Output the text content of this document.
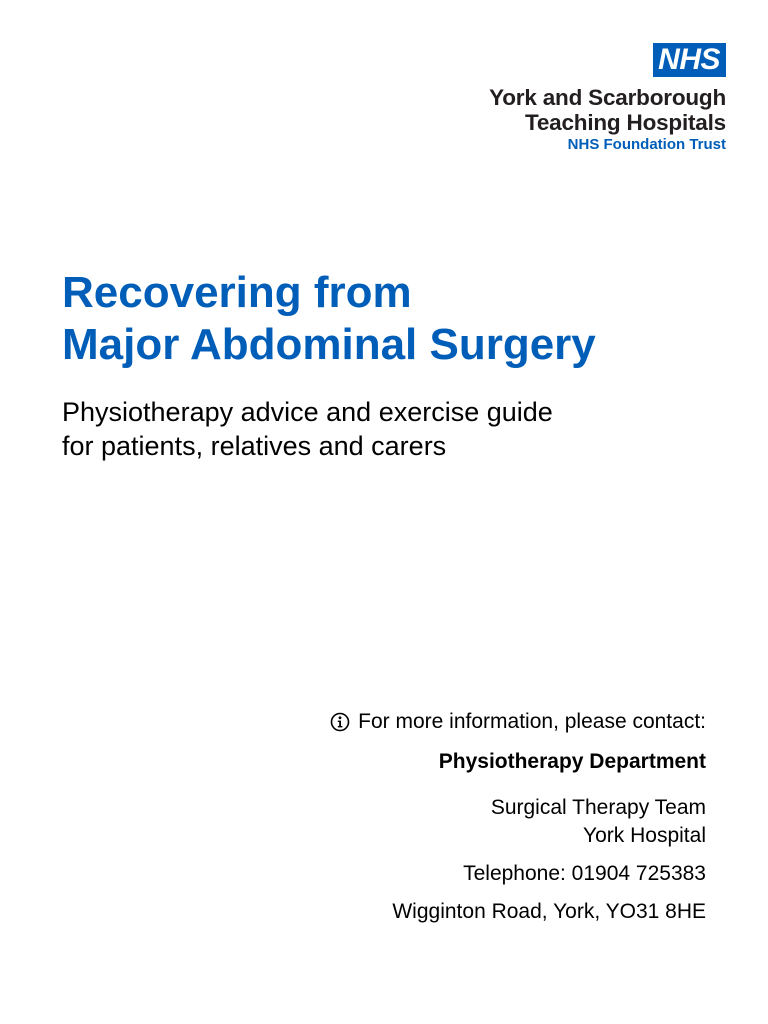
NHS
York and Scarborough
Teaching Hospitals
NHS Foundation Trust
Recovering from
Major Abdominal Surgery

Physiotherapy advice and exercise guide
for patients, relatives and carers

For more information, please contact:
Physiotherapy Department
Surgical Therapy Team
York Hospital
Telephone: 01904 725383
Wigginton Road, York, YO31 8HE
